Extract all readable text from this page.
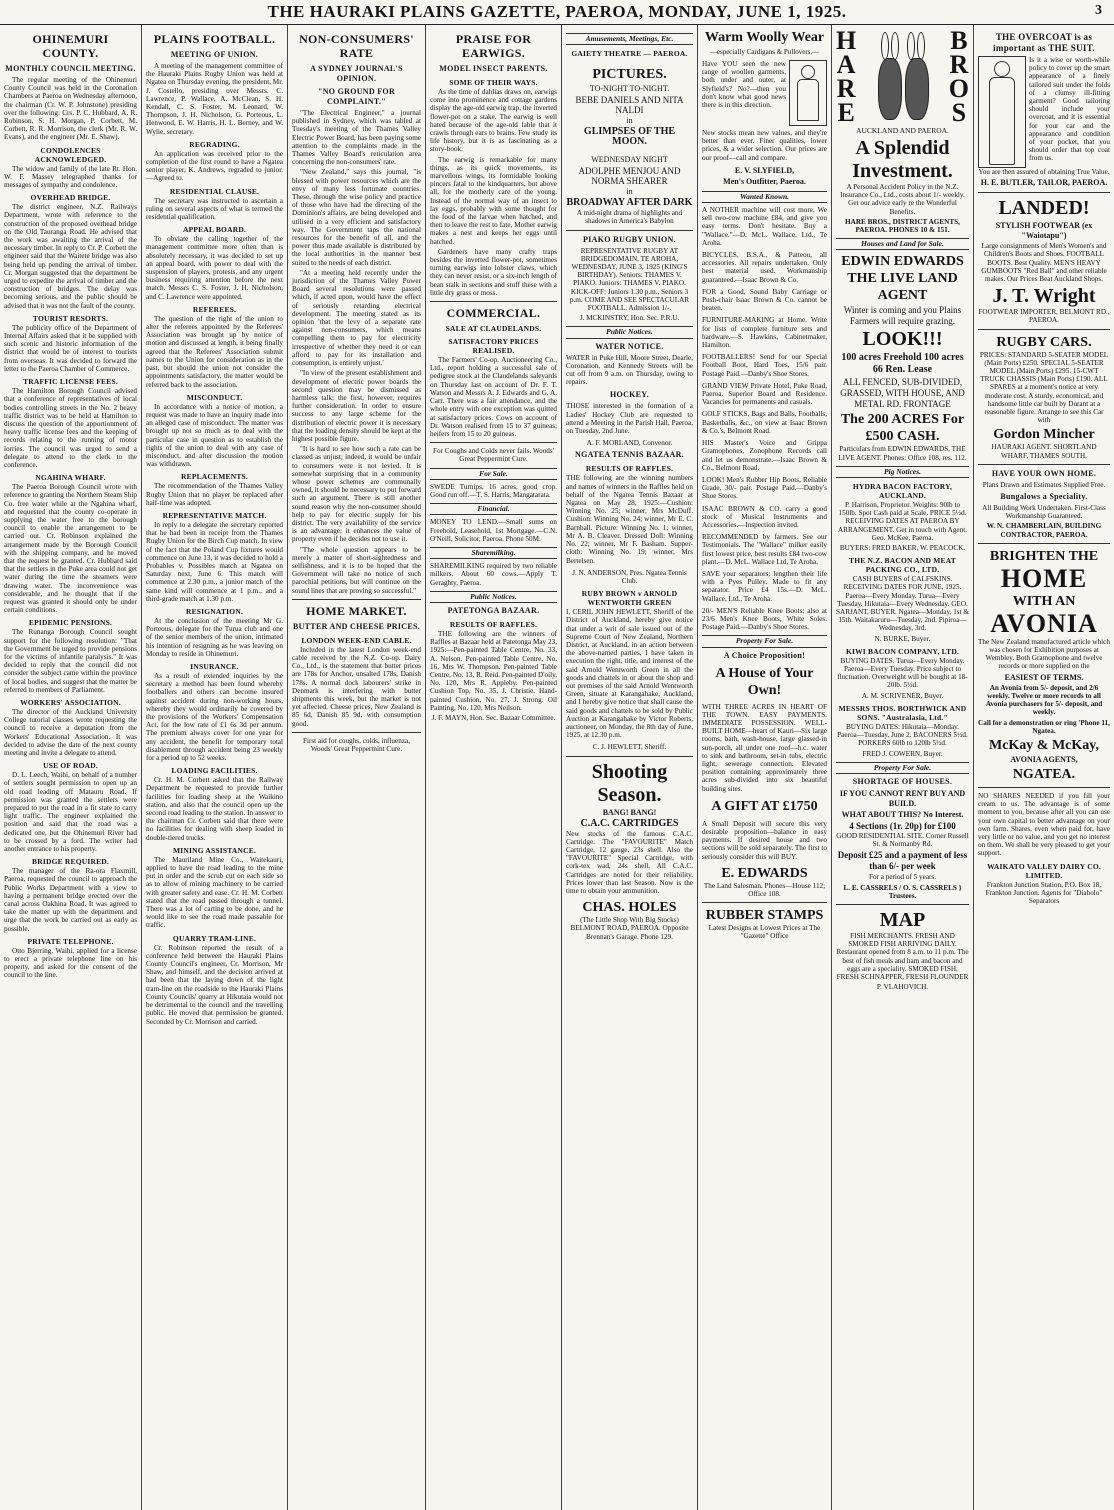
THE HAURAKI PLAINS GAZETTE, PAEROA, MONDAY, JUNE 1, 1925.	3
OHINEMURI COUNTY.
MONTHLY COUNCIL MEETING.
The regular meeting of the Ohinemuri County Council was held in the Coronation Chambers at Paeroa on Wednesday afternoon, the chairman (Cr. W. P. Johnstone) presiding over the following: Crs. P. C. Hubbard, A. R. Robinson, S. H. Morgan, P. Corbett, M. Corbett, R. R. Morrison, the clerk (Mr. R. W. Evans), and the engineer (Mr. E. Shaw).
CONDOLENCES ACKNOWLEDGED.
The widow and family of the late Rt. Hon. W. F. Massey telegraphed thanks for messages of sympathy and condolence.
OVERHEAD BRIDGE.
The district engineer, N.Z. Railways Department, wrote with reference to the construction of the proposed overhead bridge on the Old Tauranga Road. He advised that the work was awaiting the arrival of the necessary timber. In reply to Cr. P. Corbett the engineer said that the Waitete bridge was also being held up pending the arrival of timber. Cr. Morgan suggested that the department be urged to expedite the arrival of timber and the construction of bridges. The delay was becoming serious, and the public should be advised that it was not the fault of the county.
TOURIST RESORTS.
The publicity office of the Department of Internal Affairs asked that it be supplied with such scenic and historic information of the district that would be of interest to tourists from overseas. It was decided to forward the letter to the Paeroa Chamber of Commerce.
TRAFFIC LICENSE FEES.
The Hamilton Borough Council advised that a conference of representatives of local bodies controlling streets in the No. 2 heavy traffic district was to be held at Hamilton to discuss the question of the apportionment of heavy traffic license fees and the keeping of records relating to the running of motor lorries. The council was urged to send a delegate to attend to the clerk to the conference.
NGAHINA WHARF.
The Paeroa Borough Council wrote with reference to granting the Northern Steam Ship Co. free water while at the Ngahina wharf, and requested that the county co-operate in supplying the water free to the borough council to enable the arrangement to be carried out. Cr. Robinson explained the arrangement made by the Borough Council with the shipping company, and he moved that the request be granted. Cr. Hubbard said that the settlers in the Puke area could not get water during the time the steamers were drawing water. The inconvenience was considerable, and he thought that if the request was granted it should only be under certain conditions.
EPIDEMIC PENSIONS.
The Runanga Borough Council sought support for the following resolution: "That the Government be urged to provide pensions for the victims of infantile paralysis." It was decided to reply that the council did not consider the subject came within the province of local bodies, and suggest that the matter be referred to members of Parliament.
WORKERS' ASSOCIATION.
The director of the Auckland University College tutorial classes wrote requesting the council to receive a deputation from the Workers' Educational Association. It was decided to advise the date of the next county meeting and invite a delegate to attend.
USE OF ROAD.
D. L. Leech, Waihi, on behalf of a number of settlers sought permission to open up an old road leading off Matauru Road. If permission was granted the settlers were prepared to put the road in a fit state to carry light traffic. The engineer explained the position and said that the road was a dedicated one, but the Ohinemuri River had to be crossed by a ford. The writer had another entrance to his property.
BRIDGE REQUIRED.
The manager of the Ra-ora Flaxmill, Paeroa, requested the council to approach the Public Works Department with a view to having a permanent bridge erected over the canal across Oakhina Road. It was agreed to take the matter up with the department and urge that the work be carried out as early as possible.
PRIVATE TELEPHONE.
Otto Bjerring, Waihi, applied for a license to erect a private telephone line on his property, and asked for the consent of the council to the line.
PLAINS FOOTBALL.
MEETING OF UNION.
A meeting of the management committee of the Hauraki Plains Rugby Union was held at Ngatea on Thursday evening, the president, Mr. J. Costello, presiding over Messrs. C. Lawrence, P. Wallace, A. McClean, S. H. Kendall, C. S. Foster, M. Leonard, W. Thompson, J. H. Nicholson, G. Porteous, L. Henwood, E. W. Harris, H. L. Berney, and W. Wylie, secretary.
REGRADING.
An application was received prior to the completion of the first round to have a Ngatea senior player, K. Andrews, regraded to junior.—Agreed to.
RESIDENTIAL CLAUSE.
The secretary was instructed to ascertain a ruling on several aspects of what is termed the residential qualification.
APPEAL BOARD.
To obviate the calling together of the management committee more often than is absolutely necessary, it was decided to set up an appeal board, with power to deal with the suspension of players, protests, and any urgent business requiring attention before the next match. Messrs C. S. Foster, J. H. Nicholson, and C. Lawrence were appointed.
REFEREES.
The question of the right of the union to alter the referees appointed by the Referees' Association was brought up by notice of motion and discussed at length, it being finally agreed that the Referees' Association submit names to the Union for consideration as in the past, but should the union not consider the appointments satisfactory, the matter would be referred back to the association.
MISCONDUCT.
In accordance with a notice of motion, a request was made to have an inquiry made into an alleged case of misconduct. The matter was brought up not so much as to deal with the particular case in question as to establish the rights of the union to deal with any case of misconduct, and after discussion the motion was withdrawn.
REPLACEMENTS.
The recommendation of the Thames Valley Rugby Union that no player be replaced after half-time was adopted.
REPRESENTATIVE MATCH.
In reply to a delegate the secretary reported that he had been in receipt from the Thames Rugby Union for the Birch Cup match. In view of the fact that the Poland Cup fixtures would commence on June 13, it was decided to hold a Probables v. Possibles match at Ngatea on Saturday next, June 6. This match will commence at 2.30 p.m., a junior match of the same kind will commence at 1 p.m., and a third-grade match at 1.30 p.m.
RESIGNATION.
At the conclusion of the meeting Mr G. Porteous, delegate for the Turua club and one of the senior members of the union, intimated his intention of resigning as he was leaving on Monday to reside in Ohinemuri.
INSURANCE.
As a result of extended inquiries by the secretary a method has been found whereby footballers and others can become insured against accident during non-working hours, whereby they would ordinarily be covered by the provisions of the Workers' Compensation Act, for the low rate of £1 6s 3d per annum. The premium always cover for one year for any accident, the benefit for temporary total disablement through accident being 23 weekly for a period up to 52 weeks.
LOADING FACILITIES.
Cr. H. M. Corbett asked that the Railway Department be requested to provide further facilities for loading sheep at the Waikino station, and also that the council open up the second road leading to the station. In answer to the chairman Cr. Corbett said that there were no facilities for dealing with sheep loaded in double-tiered trucks.
MINING ASSISTANCE.
The Mauriland Mine Co., Waitekauri, applied to have the road leading to the mine put in order and the scrub cut on each side so as to allow of mining machinery to be carried with greater safety and ease. Cr. H. M. Corbett stated that the road passed through a tunnel. There was a lot of carting to be done, and he would like to see the road made passable for traffic.
QUARRY TRAM-LINE.
Cr. Robinson reported the result of a conference held between the Hauraki Plains County Council's engineer, Cr. Morrison, Mr Shaw, and himself, and the decision arrived at had been that the laying down of the light tram-line on the roadside to the Hauraki Plains County Councils' quarry at Hikutaia would not be detrimental to the council and the travelling public. He moved that permission be granted. Seconded by Cr. Morrison and carried.
NON-CONSUMERS' RATE
A SYDNEY JOURNAL'S OPINION.
"NO GROUND FOR COMPLAINT."
"The Electrical Engineer," a journal published in Sydney, which was tabled at Tuesday's meeting of the Thames Valley Electric Power Board, has been paying some attention to the complaints made in the Thames Valley Board's reticulation area concerning the non-consumers' rate.
"New Zealand," says this journal, "is blessed with power resources which are the envy of many less fortunate countries. These, through the wise policy and practice of those who have had the directing of the Dominion's affairs, are being developed and utilised in a very efficient and satisfactory way. The Government taps the national resources for the benefit of all, and the power thus made available is distributed by the local authorities in the manner best suited to the needs of each district.
"At a meeting held recently under the jurisdiction of the Thames Valley Power Board several resolutions were passed which, if acted upon, would have the effect of seriously retarding electrical development. The meeting stated as its opinion 'that the levy of a separate rate against non-consumers, which means compelling them to pay for electricity irrespective of whether they need it or can afford to pay for its installation and consumption, is entirely unjust.'
"In view of the present establishment and development of electric power boards the second question may be dismissed as harmless talk; the first, however, requires further consideration. In order to ensure success to any large scheme for the distribution of electric power it is necessary that the loading density should be kept at the highest possible figure.
"It is hard to see how such a rate can be classed as unjust; indeed, it would be unfair to consumers were it not levied. It is somewhat surprising that in a community whose power schemes are communally owned, it should be necessary to put forward such an argument. There is still another sound reason why the non-consumer should help to pay for electric supply for his district. The very availability of the service is an advantage; it enhances the value of property even if he decides not to use it.
"The whole question appears to be merely a matter of short-sightedness and selfishness, and it is to be hoped that the Government will take no notice of such parochial petitions, but will continue on the sound lines that are proving so successful."
HOME MARKET.
BUTTER AND CHEESE PRICES.
LONDON WEEK-END CABLE.
Included in the latest London week-end cable received by the N.Z. Co-op. Dairy Co., Ltd., is the statement that butter prices are 178s for Anchor, unsalted 178s, Danish 178s. A normal dock labourers' strike in Denmark is interfering with butter shipments this week, but the market is not yet affected. Cheese prices, New Zealand is 85 6d, Danish 85 9d, with consumption good.
First aid for coughs, colds, influenza, Woods' Great Peppermint Cure.
PRAISE FOR EARWIGS.
MODEL INSECT PARENTS.
SOME OF THEIR WAYS.
As the time of dahlias draws on, earwigs come into prominence and cottage gardens display the age-old earwig trap, the inverted flower-pot on a stake. The earwig is well hated because of the age-old fable that it crawls through ears to brains. Few study its life history, but it is as fascinating as a story-book.
The earwig is remarkable for many things, as its quick movements, its marvellous wings, its formidable looking pincers fatal to the kindquarters, but above all, for the motherly care of the young. Instead of the normal way of an insect to lay eggs, probably with some thought for the food of the larvae when hatched, and then to leave the rest to fate, Mother earwig makes a nest and keeps her eggs until hatched.
Gardeners have many crafty traps besides the inverted flower-pot, sometimes turning earwigs into lobster claws, which they can never resist, or a six-inch length of bean stalk in sections and stuff these with a little dry grass or moss.
COMMERCIAL.
SALE AT CLAUDELANDS.
SATISFACTORY PRICES REALISED.
The Farmers' Co-op. Auctioneering Co., Ltd., report holding a successful sale of pedigree stock at the Claudelands saleyards on Thursday last on account of Dr. F. T. Watson and Messrs A. J. Edwards and G. A. Carr. There was a fair attendance, and the whole entry with one exception was quitted at satisfactory prices. Cows on account of Dr. Watson realised from 15 to 37 guineas; heifers from 15 to 20 guineas.
For Coughs and Colds never fails. Woods' Great Peppermint Cure.
For Sale.
SWEDE Turnips, 16 acres, good crop. Good run off.—T. S. Harris, Mangatarata.
Financial.
MONEY TO LEND.—Small sums on Freehold, Leasehold, 1st Mortgage.—C.N. O'Neill, Solicitor, Paeroa. Phone 50M.
Sharemilking.
SHAREMILKING required by two reliable milkers. About 60 cows.—Apply T. Geraghty, Paeroa.
Public Notices.
PATETONGA BAZAAR.
RESULTS OF RAFFLES.
THE following are the winners of Raffles at Bazaar held at Patetonga May 23, 1925:—Pen-painted Table Centre, No. 33, A. Nelson. Pen-painted Table Centre, No. 16, Mrs W. Thompson. Pen-painted Table Centre, No. 13, R. Reid. Pen-painted D'oily, No. 120, Mrs R. Appleby. Pen-painted Cushion Top, No. 35, J. Christie. Hand-painted Cushion, No. 27, J. Strong. Oil Painting, No. 120, Mrs Neilson.
J. F. MAYN, Hon. Sec. Bazaar Committee.
Amusements, Meetings, Etc.
GAIETY THEATRE — PAEROA.
PICTURES.
TO-NIGHT TO-NIGHT.
BEBE DANIELS AND NITA NALDI
in
GLIMPSES OF THE MOON.
WEDNESDAY NIGHT
ADOLPHE MENJOU AND NORMA SHEARER
in
BROADWAY AFTER DARK
A mid-night drama of highlights and shadows in America's Babylon
PIAKO RUGBY UNION.
REPRESENTATIVE RUGBY AT BRIDGEDOMAIN, TE AROHA, WEDNESDAY, JUNE 3, 1925 (KING'S BIRTHDAY). Seniors: THAMES V. PIAKO. Juniors: THAMES V. PIAKO. KICK-OFF: Juniors 1.30 p.m., Seniors 3 p.m. COME AND SEE SPECTACULAR FOOTBALL. Admission 1/-.
J. MCKINSTRY, Hon. Sec. P.R.U.
Public Notices.
WATER NOTICE.
WATER in Puke Hill, Moore Street, Dearle, Coronation, and Kennedy Streets will be cut off from 9 a.m. on Thursday, owing to repairs.
HOCKEY.
THOSE interested in the formation of a Ladies' Hockey Club are requested to attend a Meeting in the Parish Hall, Paeroa, on Tuesday, 2nd June.
A. F. MORLAND, Convenor.
NGATEA TENNIS BAZAAR.
RESULTS OF RAFFLES.
THE following are the winning numbers and names of winners in the Raffles held on behalf of the Ngatea Tennis Bazaar at Ngatea on May 28, 1925:—Cushion: Winning No. 25; winner, Mrs McDuff. Cushion: Winning No. 24; winner, Mr E. C. Barnball. Picture: Winning No. 1; winner, Mr A. B. Cleaver. Dressed Doll: Winning No. 22; winner, Mr F. Basham. Supper-cloth: Winning No. 19; winner, Mrs Bertelsen.
J. N. ANDERSON, Pres. Ngatea Tennis Club.
RUBY BROWN v ARNOLD WENTWORTH GREEN
I, CERIL JOHN HEWLETT, Sheriff of the District of Auckland, hereby give notice that under a writ of sale issued out of the Supreme Court of New Zealand, Northern District, at Auckland, in an action between the above-named parties, I have taken in execution the right, title, and interest of the said Arnold Wentworth Green in all the goods and chattels in or about the shop and out premises of the said Arnold Wentworth Green, situate at Karangahake, Auckland, and I hereby give notice that shall cause the said goods and chattels to be sold by Public Auction at Karangahake by Victor Roberts, auctioneer, on Monday, the 8th day of June, 1925, at 12.30 p.m.
C. J. HEWLETT, Sheriff.
Shooting Season.
BANG! BANG!
C.A.C. CARTRIDGES
New stocks of the famous C.A.C. Cartridge. The "FAVOURITE" Match Cartridge, 12 gauge, 23s shell. Also the "FAVOURITE" Special Cartridge, with cork-tex wad, 24s shell. All C.A.C. Cartridges are noted for their reliability. Prices lower than last Season. Now is the time to obtain your ammunition.
CHAS. HOLES
(The Little Shop With Big Stocks) BELMONT ROAD, PAEROA. Opposite Brennan's Garage. Phone 129.
Warm Woolly Wear
—especially Cardigans & Pullovers.—
Have YOU seen the new range of woollen garments, both under and outer, at Slyfield's? No?—then you don't know what good news there is in this direction.
New stocks mean new values, and they're better than ever. Finer qualities, lower prices, & a wider selection. Our prices are our proof—call and compare.
E. V. SLYFIELD,
Men's Outfitter, Paeroa.
Wanted Known.
A NOTHER machine will cost more. We sell two-cow machine £84, and give you easy terms. Don't hesitate. Buy a "Wallace."—D. McL. Wallace, Ltd., Te Aroha.
BICYCLES, B.S.A., & Patteou, all accessories. All repairs undertaken. Only best material used. Workmanship guaranteed.—Isaac Brown & Co.
FOR a Good, Sound Baby Carriage or Push-chair Isaac Brown & Co. cannot be beaten.
FURNITURE-MAKING at Home. Write for lists of complete furniture sets and hardware.—S. Hawkins, Cabinetmaker, Hamilton.
FOOTBALLERS! Send for our Special Football Boot, Hard Toes, 15/6 pair. Postage Paid.—Danby's Shoe Stores.
GRAND VIEW Private Hotel, Puke Road, Paeroa. Superior Board and Residence. Vacancies for permanents and casuals.
GOLF STICKS, Bags and Balls, Footballs, Basketballs, &c., on view at Isaac Brown & Co.'s, Belmont Road.
HIS Master's Voice and Grippa Gramophones, Zonophone Records call and let us demonstrate.—Isaac Brown & Co., Belmont Road.
LOOK! Men's Rubber Hip Boots, Reliable Grade, 30/- pair. Postage Paid.—Danby's Shoe Stores.
ISAAC BROWN & CO. carry a good stock of Musical Instruments and Accessories.—Inspection invited.
RECOMMENDED by farmers. See our Testimonials. The "Wallace" milker easily first lowest price, best results £84 two-cow plant.—D. McL. Wallace Ltd, Te Aroha.
SAVE your separators; lengthen their life with a Pyes Pulley. Made to fit any separator. Price £4 15s.—D. McL. Wallace, Ltd., Te Aroha.
20/- MEN'S Reliable Knee Boots; also at 23/6 Men's Knee Boots, White Soles. Postage Paid.—Danby's Shoe Stores.
Property For Sale.
A Choice Proposition!
A House of Your Own!
WITH THREE ACRES IN HEART OF THE TOWN. EASY PAYMENTS. IMMEDIATE POSSESSION. WELL-BUILT HOME—heart of Kauri—Six large rooms, bath, wash-house, large glassed-in sun-porch, all under one roof—h.c. water to sink and bathroom, set-in tubs, electric light, sewerage connection. Elevated position containing approximately three acres sub-divided into six beautiful building sites.
A GIFT AT £1750
A Small Deposit will secure this very desirable proposition—balance in easy payments. If desired house and two sections will be sold separately. The first to seriously consider this will BUY.
E. EDWARDS
The Land Salesman. Phones—House 112; Office 108.
RUBBER STAMPS
Latest Designs at Lowest Prices at The "Gazette" Office
H
A
R
E
B
R
O
S
AUCKLAND AND PAEROA.
A Splendid Investment.
A Personal Accident Policy in the N.Z. Insurance Co., Ltd., costs about 1/- weekly. Get our advice early re the Wonderful Benefits.
HARE BROS., DISTRICT AGENTS, PAEROA. PHONES 10 & 151.
Houses and Land for Sale.
EDWIN EDWARDS THE LIVE LAND AGENT
Winter is coming and you Plains Farmers will require grazing.
LOOK!!!
100 acres Freehold 100 acres 66 Ren. Lease
ALL FENCED, SUB-DIVIDED, GRASSED, WITH HOUSE, AND METAL RD. FRONTAGE
The 200 ACRES For £500 CASH.
Particulars from EDWIN EDWARDS, THE LIVE AGENT. Phones: Office 108, res. 112.
Pig Notices.
HYDRA BACON FACTORY, AUCKLAND.
P. Harrison, Proprietor. Weights: 90lb to 150lb. Spot Cash paid at Scale. PRICE 5½d. RECEIVING DATES AT PAEROA BY ARRANGEMENT. Get in touch with Agent. Geo. McKee, Paeroa.
BUYERS: FRED BAKER, W. PEACOCK.
THE N.Z. BACON AND MEAT PACKING CO., LTD.
CASH BUYERS of CALFSKINS. RECEIVING DATES FOR JUNE, 1925. Paeroa—Every Monday. Turua—Every Tuesday. Hikutaia—Every Wednesday. GEO. SARJANT, BUYER. Ngatea—Monday, 1st & 15th. Waitakaruru—Tuesday, 2nd. Pipiroa—Wednesday, 3rd.
N. BURKE, Buyer.
KIWI BACON COMPANY, LTD.
BUYING DATES. Turua—Every Monday. Paeroa—Every Tuesday. Price subject to fluctuation. Overweight will be bought at 18-20lb. 5½d.
A. M. SCRIVENER, Buyer.
MESSRS THOS. BORTHWICK AND SONS. "Australasia, Ltd."
BUYING DATES: Hikutaia—Monday. Paeroa—Tuesday, June 2. BACONERS 5½d. PORKERS 60lb to 120lb 5½d.
FRED J. COWERN, Buyer.
Property For Sale.
SHORTAGE OF HOUSES.
IF YOU CANNOT RENT BUY AND BUILD.
WHAT ABOUT THIS? No Interest.
4 Sections (1r. 20p) for £100
GOOD RESIDENTIAL SITE. Corner Russell St. & Normanby Rd.
Deposit £25 and a payment of less than 6/- per week
For a period of 5 years.
L. E. CASSRELS / O. S. CASSRELS } Trustees.
MAP
FISH MERCHANTS. FRESH AND SMOKED FISH ARRIVING DAILY. Restaurant opened from 8 a.m. to 11 p.m. The best of fish meals and ham and bacon and eggs are a speciality. SMOKED FISH, FRESH SCHNAPPER, FRESH FLOUNDER
P. VLAHOVICH.
THE OVERCOAT is as important as THE SUIT.
Is it a wise or worth-while policy to cover up the smart appearance of a finely tailored suit under the folds of a clumsy ill-fitting garment? Good tailoring should include your overcoat, and it is essential for your car and the appearance and condition of your pocket, that you should order that top coat from us.
You are then assured of obtaining True Value.
H. E. BUTLER, TAILOR, PAEROA.
LANDED!
STYLISH FOOTWEAR (ex "Waiotapu")
Large consignments of Men's Women's and Children's Boots and Shoes. FOOTBALL BOOTS. Best Quality. MEN'S HEAVY GUMBOOTS "Red Ball" and other reliable makes. Our Prices Beat Auckland Shops.
J. T. Wright
FOOTWEAR IMPORTER, BELMONT RD., PAEROA.
RUGBY CARS.
PRICES: STANDARD 5-SEATER MODEL (Main Ports) £250. SPECIAL 5-SEATER MODEL (Main Ports) £295. 15-CWT TRUCK CHASSIS (Main Ports) £190. ALL SPARES at a moment's notice at very moderate cost. A sturdy, economical, and handsome little car built by Durant at a reasonable figure. Arrange to see this Car with
Gordon Mincher
HAURAKI AGENT. SHORTLAND WHARF, THAMES SOUTH.
HAVE YOUR OWN HOME.
Plans Drawn and Estimates Supplied Free.
Bungalows a Speciality.
All Building Work Undertaken. First-Class Workmanship Guaranteed.
W. N. CHAMBERLAIN, BUILDING CONTRACTOR, PAEROA.
BRIGHTEN THE
HOME
WITH AN
AVONIA
The New Zealand manufactured article which was chosen for Exhibition purposes at Wembley. Both Gramophone and twelve records or more supplied on the
EASIEST OF TERMS.
An Avonia from 5/- deposit, and 2/6 weekly. Twelve or more records to all Avonia purchasers for 5/- deposit, and weekly.
Call for a demonstration or ring 'Phone 11, Ngatea.
McKay & McKay,
AVONIA AGENTS,
NGATEA.
NO SHARES NEEDED if you fill your cream to us. The advantage is of some moment to you, because after all you can use your own capital to better advantage on your own farm. Shares, even when paid for, have very little or no value, and you get no interest on them. We shall be very pleased to get your support.
WAIKATO VALLEY DAIRY CO. LIMITED.
Frankton Junction Station, P.O. Box 18, Frankton Junction. Agents for "Diabolo" Separators
